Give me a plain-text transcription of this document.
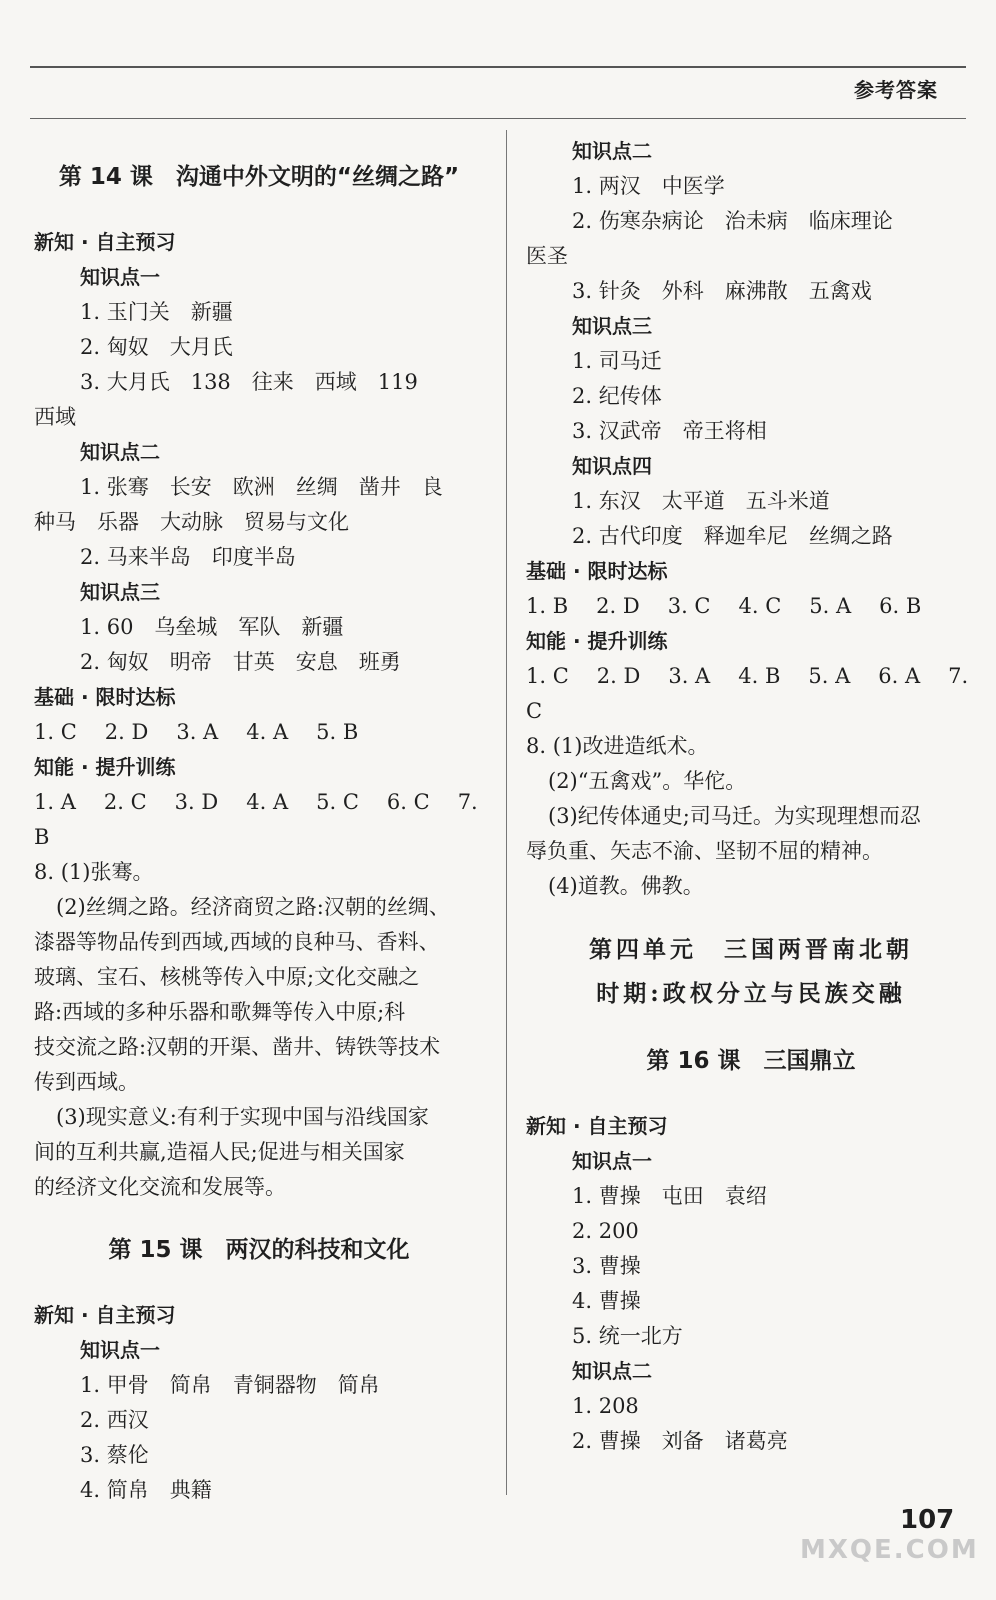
参考答案
第 14 课　沟通中外文明的“丝绸之路”
新知 · 自主预习
知识点一
1. 玉门关　新疆
2. 匈奴　大月氏
3. 大月氏　138　往来　西域　119
西域
知识点二
1. 张骞　长安　欧洲　丝绸　凿井　良
种马　乐器　大动脉　贸易与文化
2. 马来半岛　印度半岛
知识点三
1. 60　乌垒城　军队　新疆
2. 匈奴　明帝　甘英　安息　班勇
基础 · 限时达标
1. C 2. D 3. A 4. A 5. B
知能 · 提升训练
1. A 2. C 3. D 4. A 5. C 6. C 7. B
8. (1)张骞。
(2)丝绸之路。经济商贸之路:汉朝的丝绸、
漆器等物品传到西域,西域的良种马、香料、
玻璃、宝石、核桃等传入中原;文化交融之
路:西域的多种乐器和歌舞等传入中原;科
技交流之路:汉朝的开渠、凿井、铸铁等技术
传到西域。
(3)现实意义:有利于实现中国与沿线国家
间的互利共赢,造福人民;促进与相关国家
的经济文化交流和发展等。
第 15 课　两汉的科技和文化
新知 · 自主预习
知识点一
1. 甲骨　简帛　青铜器物　简帛
2. 西汉
3. 蔡伦
4. 简帛　典籍
知识点二
1. 两汉　中医学
2. 伤寒杂病论　治未病　临床理论
医圣
3. 针灸　外科　麻沸散　五禽戏
知识点三
1. 司马迁
2. 纪传体
3. 汉武帝　帝王将相
知识点四
1. 东汉　太平道　五斗米道
2. 古代印度　释迦牟尼　丝绸之路
基础 · 限时达标
1. B 2. D 3. C 4. C 5. A 6. B
知能 · 提升训练
1. C 2. D 3. A 4. B 5. A 6. A 7. C
8. (1)改进造纸术。
(2)“五禽戏”。华佗。
(3)纪传体通史;司马迁。为实现理想而忍
辱负重、矢志不渝、坚韧不屈的精神。
(4)道教。佛教。
第四单元　三国两晋南北朝
时期:政权分立与民族交融
第 16 课　三国鼎立
新知 · 自主预习
知识点一
1. 曹操　屯田　袁绍
2. 200
3. 曹操
4. 曹操
5. 统一北方
知识点二
1. 208
2. 曹操　刘备　诸葛亮
107
MXQE.COM
